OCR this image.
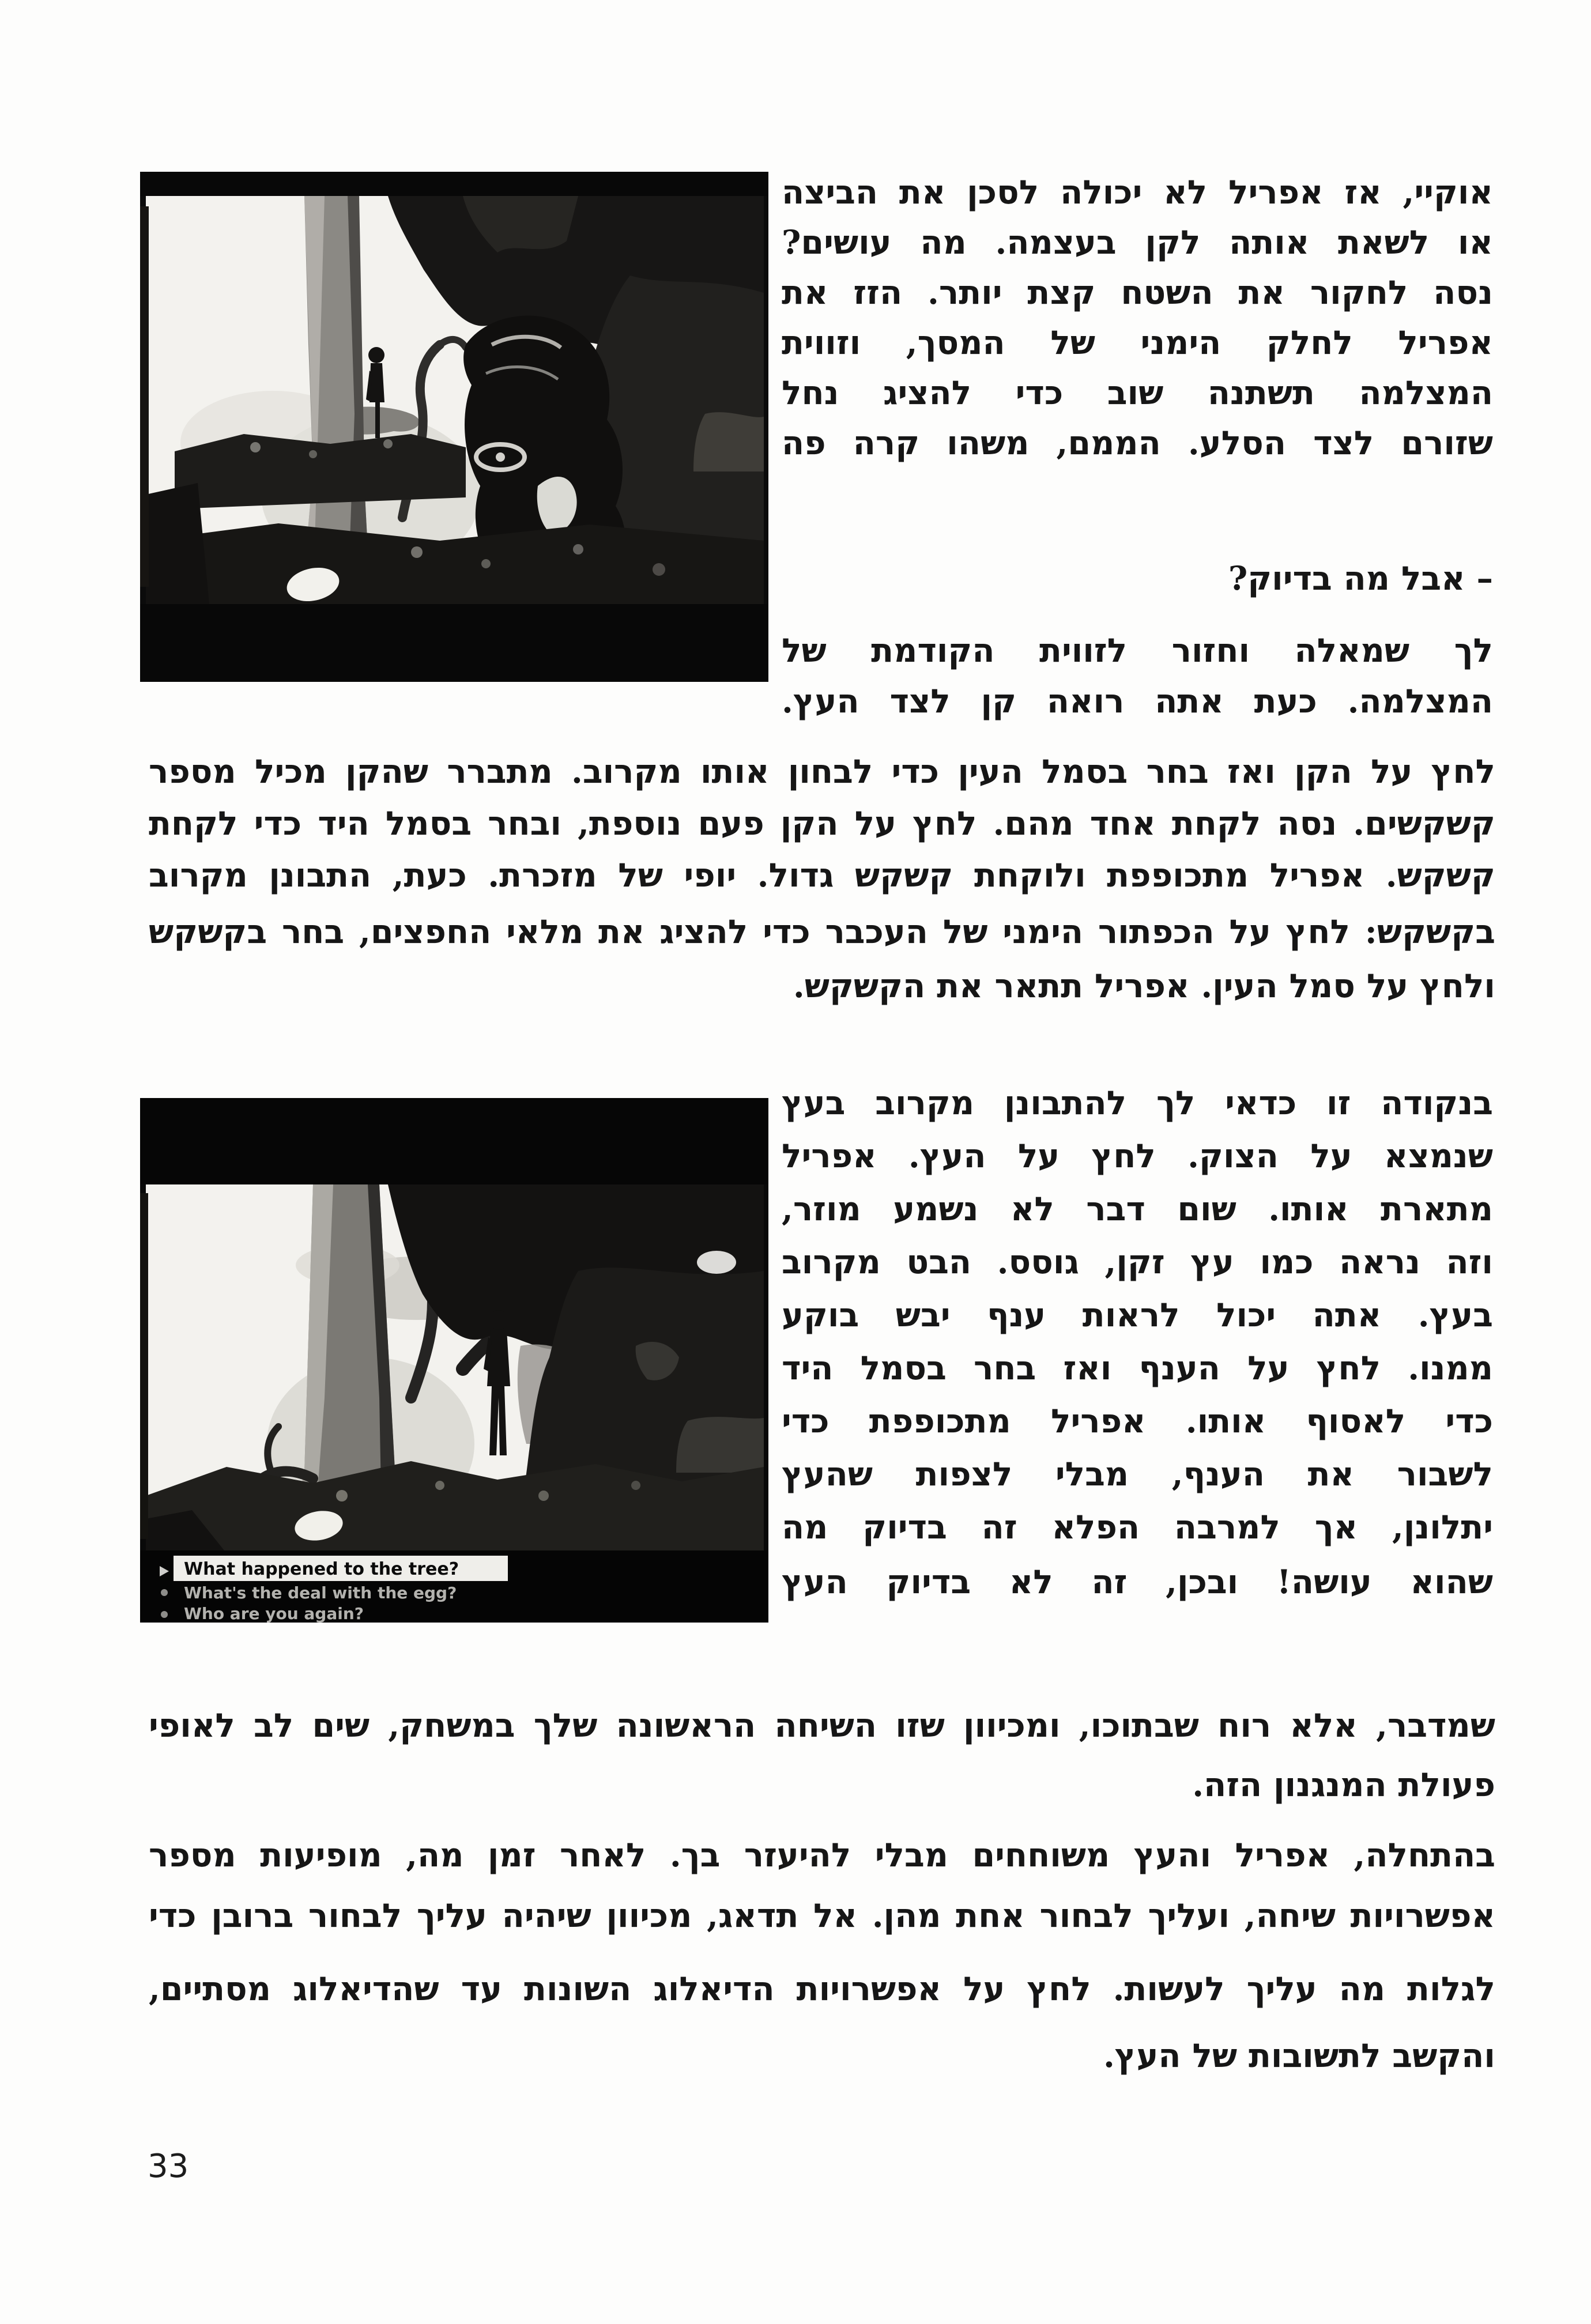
What happened to the tree?
What's the deal with the egg?
Who are you again?
אוקיי, אז אפריל לא יכולה לסכן את הביצה
או לשאת אותה לקן בעצמה. מה עושים?
נסה לחקור את השטח קצת יותר. הזז את
אפריל לחלק הימני של המסך, וזווית
המצלמה תשתנה שוב כדי להציג נחל
שזורם לצד הסלע. הממם, משהו קרה פה
– אבל מה בדיוק?
לך שמאלה וחזור לזווית הקודמת של
המצלמה. כעת אתה רואה קן לצד העץ.
לחץ על הקן ואז בחר בסמל העין כדי לבחון אותו מקרוב. מתברר שהקן מכיל מספר
קשקשים. נסה לקחת אחד מהם. לחץ על הקן פעם נוספת, ובחר בסמל היד כדי לקחת
קשקש. אפריל מתכופפת ולוקחת קשקש גדול. יופי של מזכרת. כעת, התבונן מקרוב
בקשקש: לחץ על הכפתור הימני של העכבר כדי להציג את מלאי החפצים, בחר בקשקש
ולחץ על סמל העין. אפריל תתאר את הקשקש.
בנקודה זו כדאי לך להתבונן מקרוב בעץ
שנמצא על הצוק. לחץ על העץ. אפריל
מתארת אותו. שום דבר לא נשמע מוזר,
וזה נראה כמו עץ זקן, גוסס. הבט מקרוב
בעץ. אתה יכול לראות ענף יבש בוקע
ממנו. לחץ על הענף ואז בחר בסמל היד
כדי לאסוף אותו. אפריל מתכופפת כדי
לשבור את הענף, מבלי לצפות שהעץ
יתלונן, אך למרבה הפלא זה בדיוק מה
שהוא עושה! ובכן, זה לא בדיוק העץ
שמדבר, אלא רוח שבתוכו, ומכיוון שזו השיחה הראשונה שלך במשחק, שים לב לאופי
פעולת המנגנון הזה.
בהתחלה, אפריל והעץ משוחחים מבלי להיעזר בך. לאחר זמן מה, מופיעות מספר
אפשרויות שיחה, ועליך לבחור אחת מהן. אל תדאג, מכיוון שיהיה עליך לבחור ברובן כדי
לגלות מה עליך לעשות. לחץ על אפשרויות הדיאלוג השונות עד שהדיאלוג מסתיים,
והקשב לתשובות של העץ.
33
